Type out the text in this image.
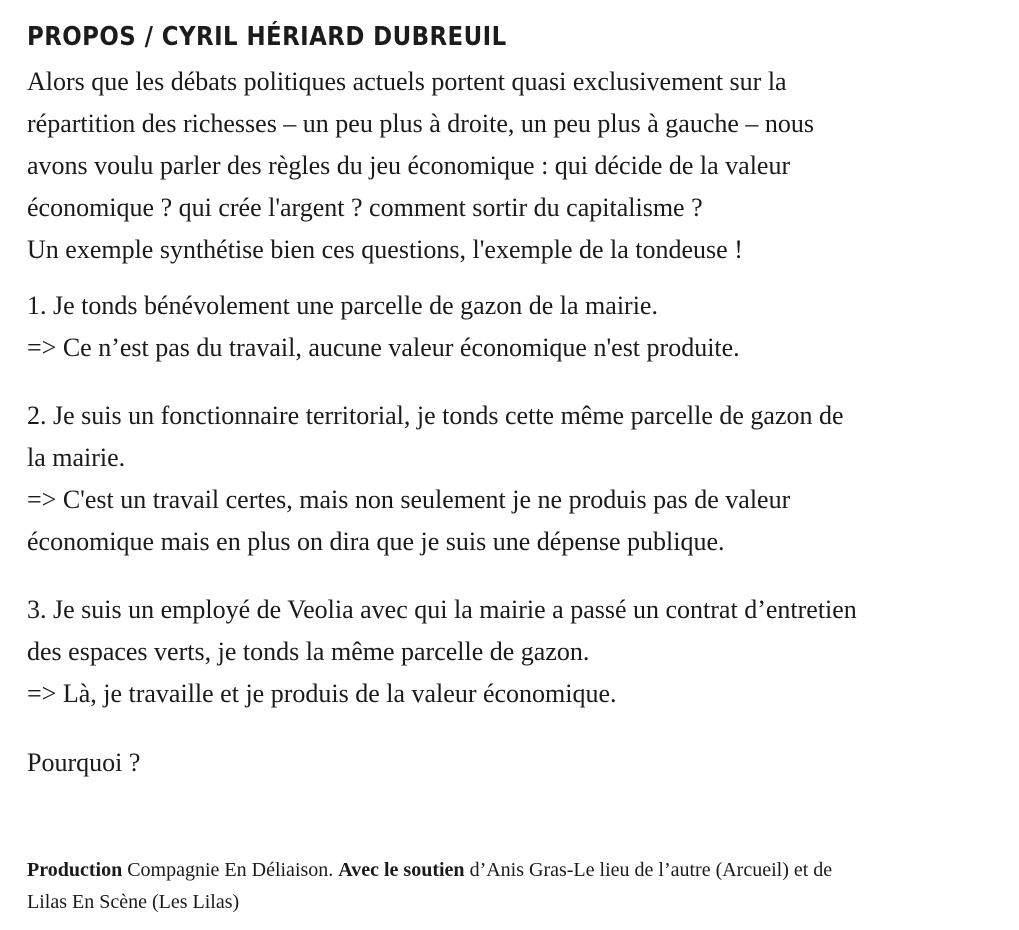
PROPOS / CYRIL HÉRIARD DUBREUIL

Alors que les débats politiques actuels portent quasi exclusivement sur la
répartition des richesses – un peu plus à droite, un peu plus à gauche – nous
avons voulu parler des règles du jeu économique : qui décide de la valeur
économique ? qui crée l'argent ? comment sortir du capitalisme ?
Un exemple synthétise bien ces questions, l'exemple de la tondeuse !

1. Je tonds bénévolement une parcelle de gazon de la mairie.
=> Ce n’est pas du travail, aucune valeur économique n'est produite.

2. Je suis un fonctionnaire territorial, je tonds cette même parcelle de gazon de
la mairie.
=> C'est un travail certes, mais non seulement je ne produis pas de valeur
économique mais en plus on dira que je suis une dépense publique.

3. Je suis un employé de Veolia avec qui la mairie a passé un contrat d’entretien
des espaces verts, je tonds la même parcelle de gazon.
=> Là, je travaille et je produis de la valeur économique.

Pourquoi ?

Production Compagnie En Déliaison. Avec le soutien d’Anis Gras-Le lieu de l’autre (Arcueil) et de
Lilas En Scène (Les Lilas)
